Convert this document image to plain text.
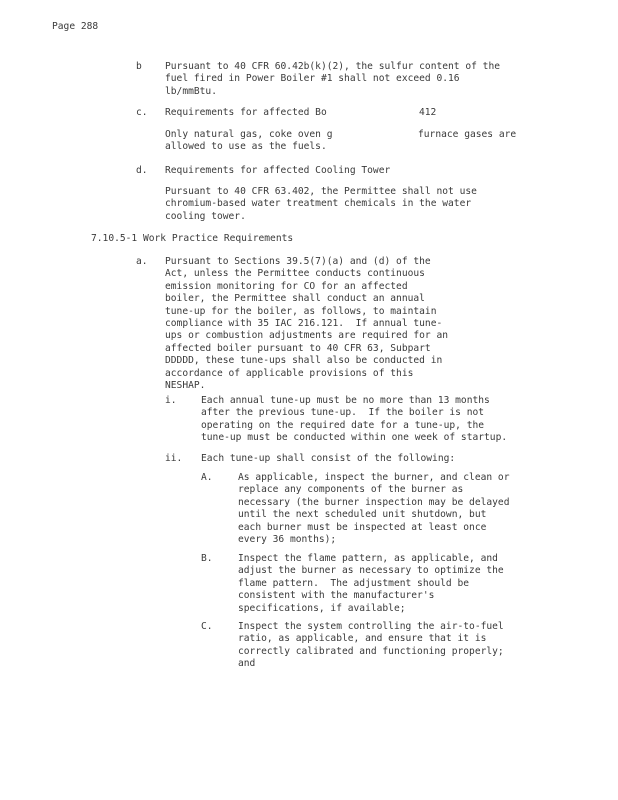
Page 288
b Pursuant to 40 CFR 60.42b(k)(2), the sulfur content of the
fuel fired in Power Boiler #1 shall not exceed 0.16
lb/mmBtu.
c. Requirements for affected Bo	412
Only natural gas, coke oven g
allowed to use as the fuels.
furnace gases are
d. Requirements for affected Cooling Tower
Pursuant to 40 CFR 63.402, the Permittee shall not use
chromium-based water treatment chemicals in the water
cooling tower.
7.10.5-1 Work Practice Requirements
a. Pursuant to Sections 39.5(7)(a) and (d) of the
Act, unless the Permittee conducts continuous
emission monitoring for CO for an affected
boiler, the Permittee shall conduct an annual
tune-up for the boiler, as follows, to maintain
compliance with 35 IAC 216.121.  If annual tune-
ups or combustion adjustments are required for an
affected boiler pursuant to 40 CFR 63, Subpart
DDDDD, these tune-ups shall also be conducted in
accordance of applicable provisions of this
NESHAP.
i.	Each annual tune-up must be no more than 13 months
after the previous tune-up.  If the boiler is not
operating on the required date for a tune-up, the
tune-up must be conducted within one week of startup.
ii. Each tune-up shall consist of the following:
A.	As applicable, inspect the burner, and clean or
replace any components of the burner as
necessary (the burner inspection may be delayed
until the next scheduled unit shutdown, but
each burner must be inspected at least once
every 36 months);
B.	Inspect the flame pattern, as applicable, and
adjust the burner as necessary to optimize the
flame pattern.  The adjustment should be
consistent with the manufacturer's
specifications, if available;
C.	Inspect the system controlling the air-to-fuel
ratio, as applicable, and ensure that it is
correctly calibrated and functioning properly;
and
